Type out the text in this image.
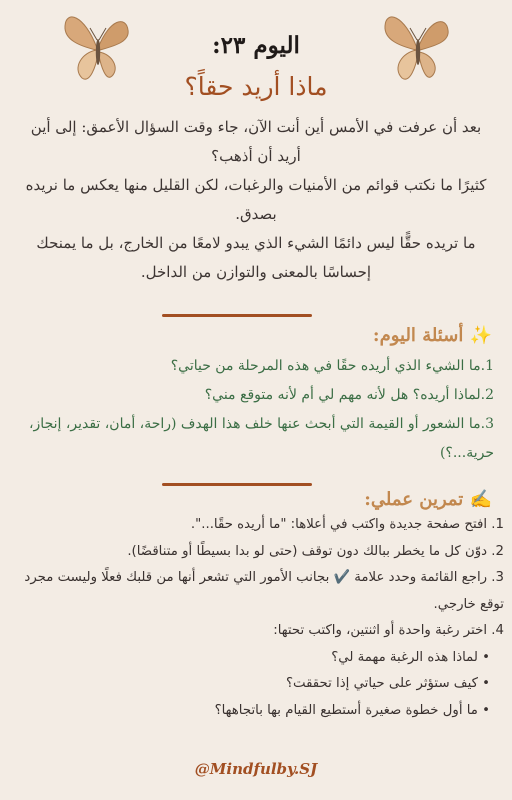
اليوم ٢٣:
ماذا أريد حقاً؟

بعد أن عرفت في الأمس أين أنت الآن، جاء وقت السؤال الأعمق: إلى أين أريد أن أذهب؟

كثيرًا ما نكتب قوائم من الأمنيات والرغبات، لكن القليل منها يعكس ما نريده بصدق.

ما تريده حقًّا ليس دائمًا الشيء الذي يبدو لامعًا من الخارج، بل ما يمنحك إحساسًا بالمعنى والتوازن من الداخل.

✨ أسئلة اليوم:
1.ما الشيء الذي أريده حقًا في هذه المرحلة من حياتي؟
2.لماذا أريده؟ هل لأنه مهم لي أم لأنه متوقع مني؟
3.ما الشعور أو القيمة التي أبحث عنها خلف هذا الهدف (راحة، أمان، تقدير، إنجاز، حرية...؟)
✍️ تمرين عملي:
1. افتح صفحة جديدة واكتب في أعلاها: "ما أريده حقًا...".
2. دوّن كل ما يخطر ببالك دون توقف (حتى لو بدا بسيطًا أو متناقضًا).
3. راجع القائمة وحدد علامة ✔️ بجانب الأمور التي تشعر أنها من قلبك فعلًا وليست مجرد توقع خارجي.
4. اختر رغبة واحدة أو اثنتين، واكتب تحتها:
• لماذا هذه الرغبة مهمة لي؟
• كيف ستؤثر على حياتي إذا تحققت؟
• ما أول خطوة صغيرة أستطيع القيام بها باتجاهها؟
@Mindfulby.SJ
